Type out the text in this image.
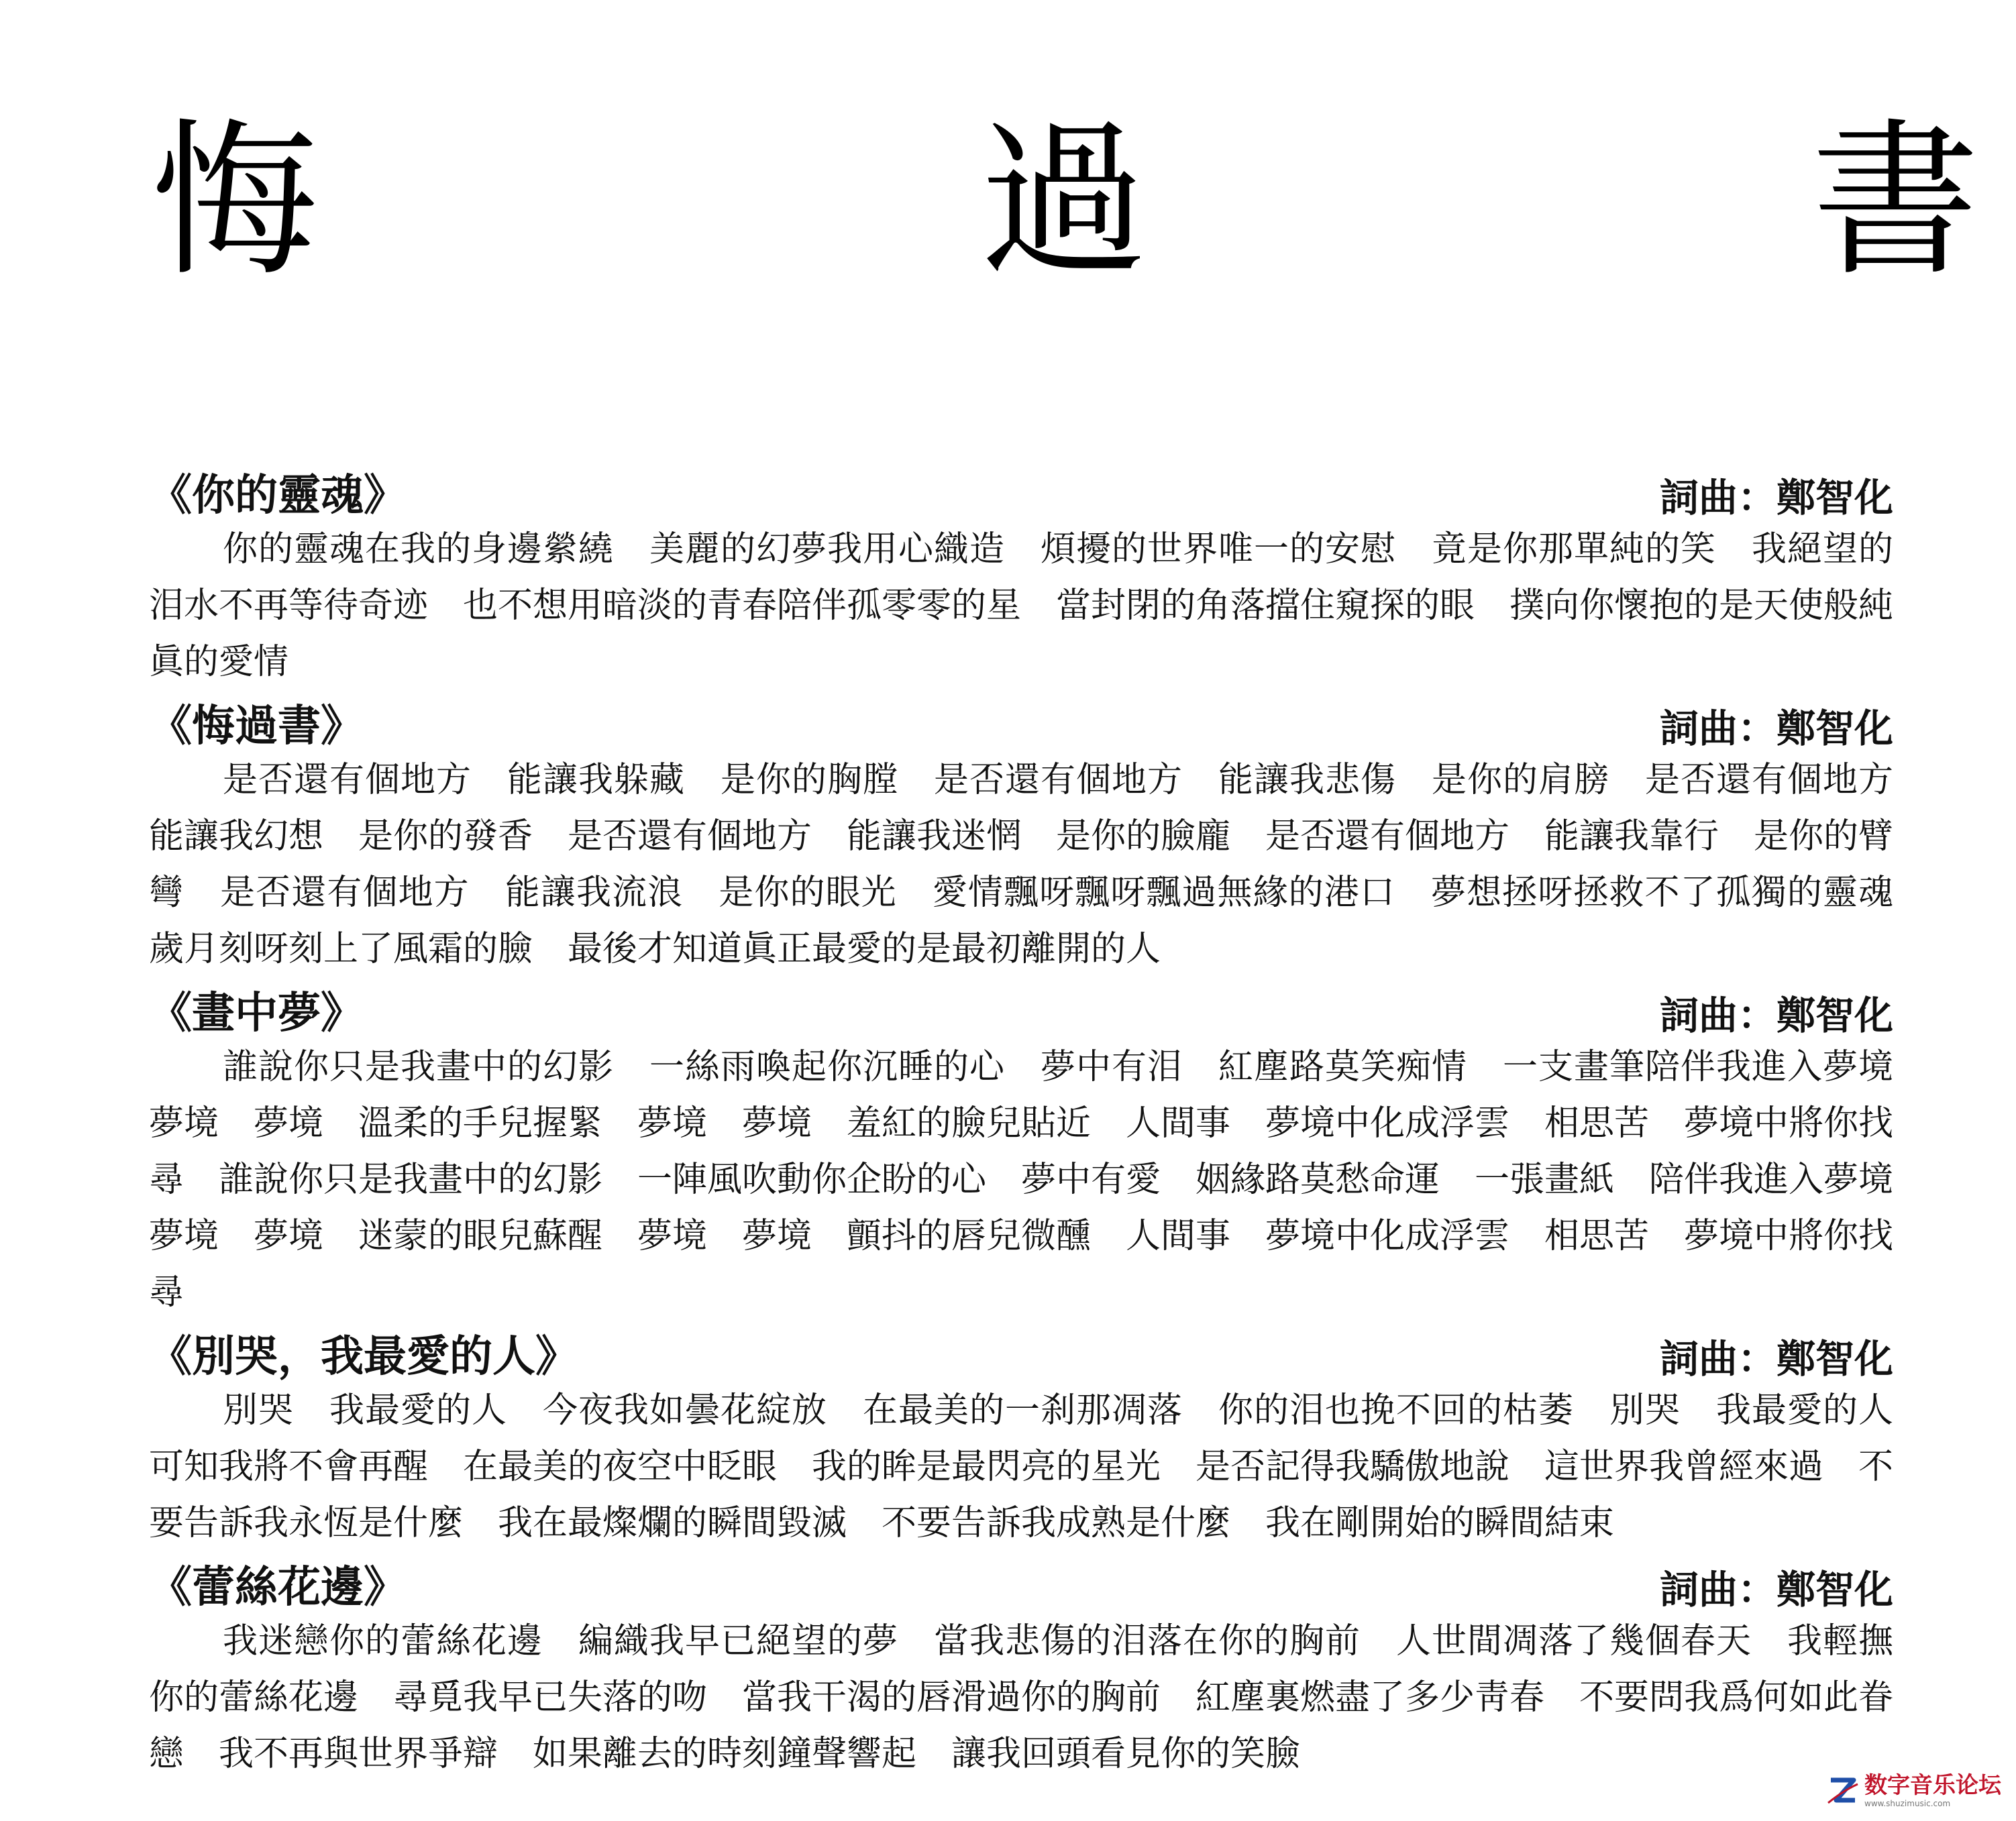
悔	過	書
《你的靈魂》	詞曲：鄭智化

你的靈魂在我的身邊縈繞　美麗的幻夢我用心織造　煩擾的世界唯一的安慰　竟是你那單純的笑　我絕望的泪水不再等待奇迹　也不想用暗淡的青春陪伴孤零零的星　當封閉的角落擋住窺探的眼　撲向你懷抱的是天使般純眞的愛情

《悔過書》	詞曲：鄭智化

是否還有個地方　能讓我躲藏　是你的胸膛　是否還有個地方　能讓我悲傷　是你的肩膀　是否還有個地方　能讓我幻想　是你的發香　是否還有個地方　能讓我迷惘　是你的臉龐　是否還有個地方　能讓我靠行　是你的臂彎　是否還有個地方　能讓我流浪　是你的眼光　愛情飄呀飄呀飄過無緣的港口　夢想拯呀拯救不了孤獨的靈魂　歲月刻呀刻上了風霜的臉　最後才知道眞正最愛的是最初離開的人

《畫中夢》	詞曲：鄭智化

誰說你只是我畫中的幻影　一絲雨喚起你沉睡的心　夢中有泪　紅塵路莫笑痴情　一支畫筆陪伴我進入夢境　夢境　夢境　溫柔的手兒握緊　夢境　夢境　羞紅的臉兒貼近　人間事　夢境中化成浮雲　相思苦　夢境中將你找尋　誰說你只是我畫中的幻影　一陣風吹動你企盼的心　夢中有愛　姻緣路莫愁命運　一張畫紙　陪伴我進入夢境　夢境　夢境　迷蒙的眼兒蘇醒　夢境　夢境　顫抖的唇兒微醺　人間事　夢境中化成浮雲　相思苦　夢境中將你找尋

《別哭，我最愛的人》	詞曲：鄭智化

別哭　我最愛的人　今夜我如曇花綻放　在最美的一刹那凋落　你的泪也挽不回的枯萎　別哭　我最愛的人　可知我將不會再醒　在最美的夜空中眨眼　我的眸是最閃亮的星光　是否記得我驕傲地說　這世界我曾經來過　不要告訴我永恆是什麼　我在最燦爛的瞬間毀滅　不要告訴我成熟是什麼　我在剛開始的瞬間結束

《蕾絲花邊》	詞曲：鄭智化

我迷戀你的蕾絲花邊　編織我早已絕望的夢　當我悲傷的泪落在你的胸前　人世間凋落了幾個春天　我輕撫你的蕾絲花邊　尋覓我早已失落的吻　當我干渴的唇滑過你的胸前　紅塵裏燃盡了多少靑春　不要問我爲何如此眷戀　我不再與世界爭辯　如果離去的時刻鐘聲響起　讓我回頭看見你的笑臉

数字音乐论坛
www.shuzimusic.com
